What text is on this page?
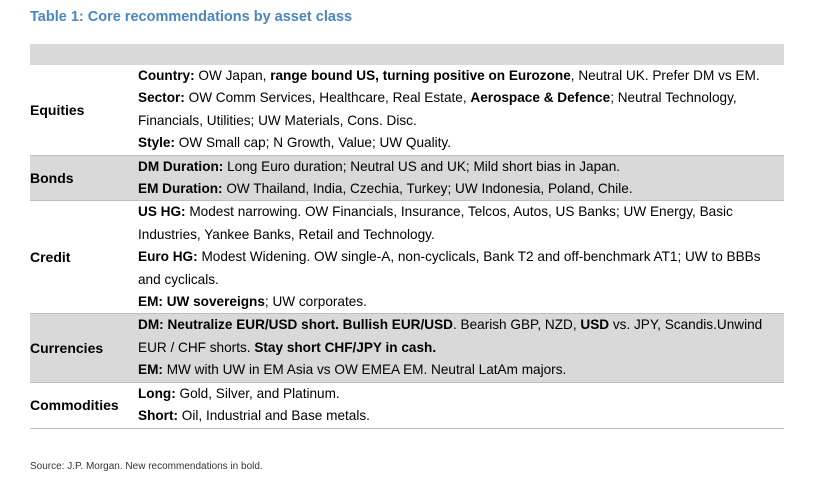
Table 1: Core recommendations by asset class
Equities	Country: OW Japan, range bound US, turning positive on Eurozone, Neutral UK. Prefer DM vs EM.
Sector: OW Comm Services, Healthcare, Real Estate, Aerospace & Defence; Neutral Technology, Financials, Utilities; UW Materials, Cons. Disc.
Style: OW Small cap; N Growth, Value; UW Quality.

Bonds	DM Duration: Long Euro duration; Neutral US and UK; Mild short bias in Japan.
EM Duration: OW Thailand, India, Czechia, Turkey; UW Indonesia, Poland, Chile.

Credit	US HG: Modest narrowing. OW Financials, Insurance, Telcos, Autos, US Banks; UW Energy, Basic Industries, Yankee Banks, Retail and Technology.
Euro HG: Modest Widening. OW single-A, non-cyclicals, Bank T2 and off-benchmark AT1; UW to BBBs and cyclicals.
EM: UW sovereigns; UW corporates.

Currencies	DM: Neutralize EUR/USD short. Bullish EUR/USD. Bearish GBP, NZD, USD vs. JPY, Scandis.Unwind EUR / CHF shorts. Stay short CHF/JPY in cash.
EM: MW with UW in EM Asia vs OW EMEA EM. Neutral LatAm majors.

Commodities	Long: Gold, Silver, and Platinum.
Short: Oil, Industrial and Base metals.
Source: J.P. Morgan. New recommendations in bold.
